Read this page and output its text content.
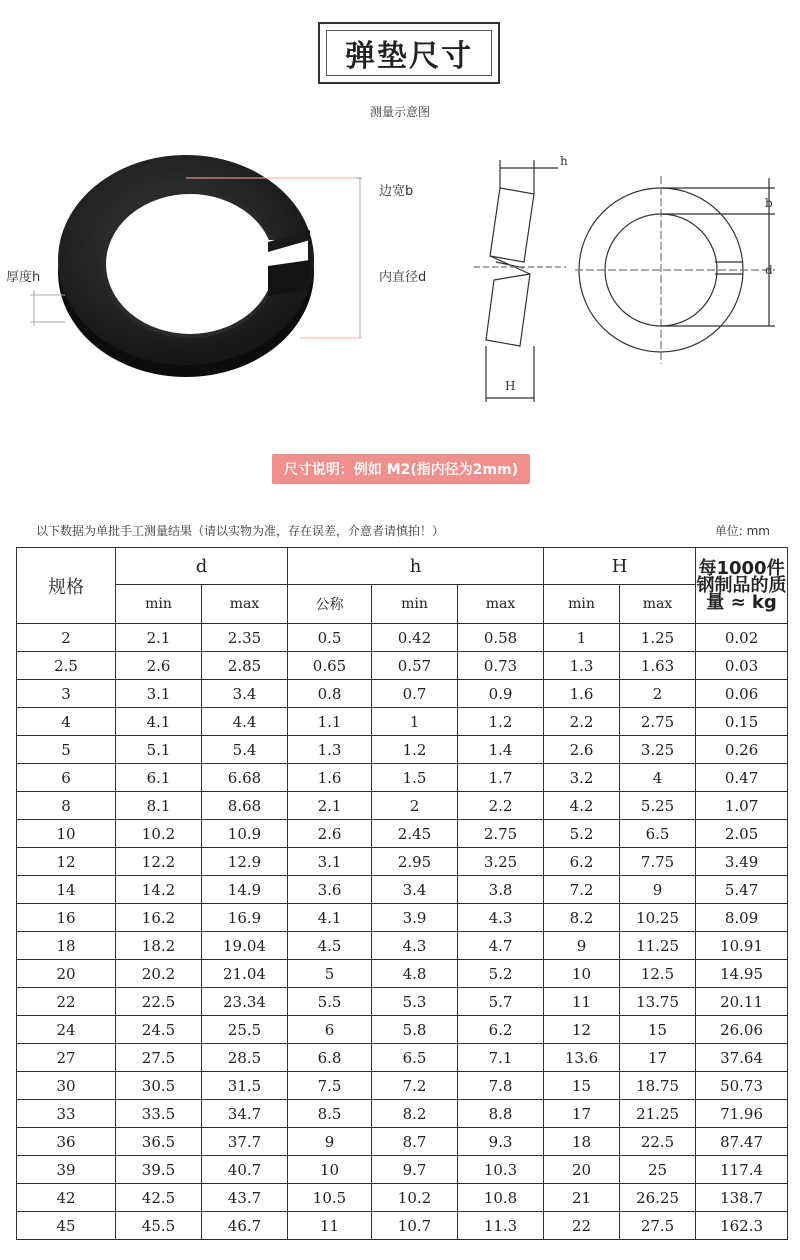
弹垫尺寸
测量示意图
边宽b
内直径d
厚度h
h
H
b
d
尺寸说明：例如 M2(指内径为2mm)
以下数据为单批手工测量结果（请以实物为准，存在误差，介意者请慎拍！）	单位: mm
规格	d		h			H		每1000件钢制品的质量 ≈ kg
	min	max	公称	min	max	min	max	
2	2.1	2.35	0.5	0.42	0.58	1	1.25	0.02
2.5	2.6	2.85	0.65	0.57	0.73	1.3	1.63	0.03
3	3.1	3.4	0.8	0.7	0.9	1.6	2	0.06
4	4.1	4.4	1.1	1	1.2	2.2	2.75	0.15
5	5.1	5.4	1.3	1.2	1.4	2.6	3.25	0.26
6	6.1	6.68	1.6	1.5	1.7	3.2	4	0.47
8	8.1	8.68	2.1	2	2.2	4.2	5.25	1.07
10	10.2	10.9	2.6	2.45	2.75	5.2	6.5	2.05
12	12.2	12.9	3.1	2.95	3.25	6.2	7.75	3.49
14	14.2	14.9	3.6	3.4	3.8	7.2	9	5.47
16	16.2	16.9	4.1	3.9	4.3	8.2	10.25	8.09
18	18.2	19.04	4.5	4.3	4.7	9	11.25	10.91
20	20.2	21.04	5	4.8	5.2	10	12.5	14.95
22	22.5	23.34	5.5	5.3	5.7	11	13.75	20.11
24	24.5	25.5	6	5.8	6.2	12	15	26.06
27	27.5	28.5	6.8	6.5	7.1	13.6	17	37.64
30	30.5	31.5	7.5	7.2	7.8	15	18.75	50.73
33	33.5	34.7	8.5	8.2	8.8	17	21.25	71.96
36	36.5	37.7	9	8.7	9.3	18	22.5	87.47
39	39.5	40.7	10	9.7	10.3	20	25	117.4
42	42.5	43.7	10.5	10.2	10.8	21	26.25	138.7
45	45.5	46.7	11	10.7	11.3	22	27.5	162.3
